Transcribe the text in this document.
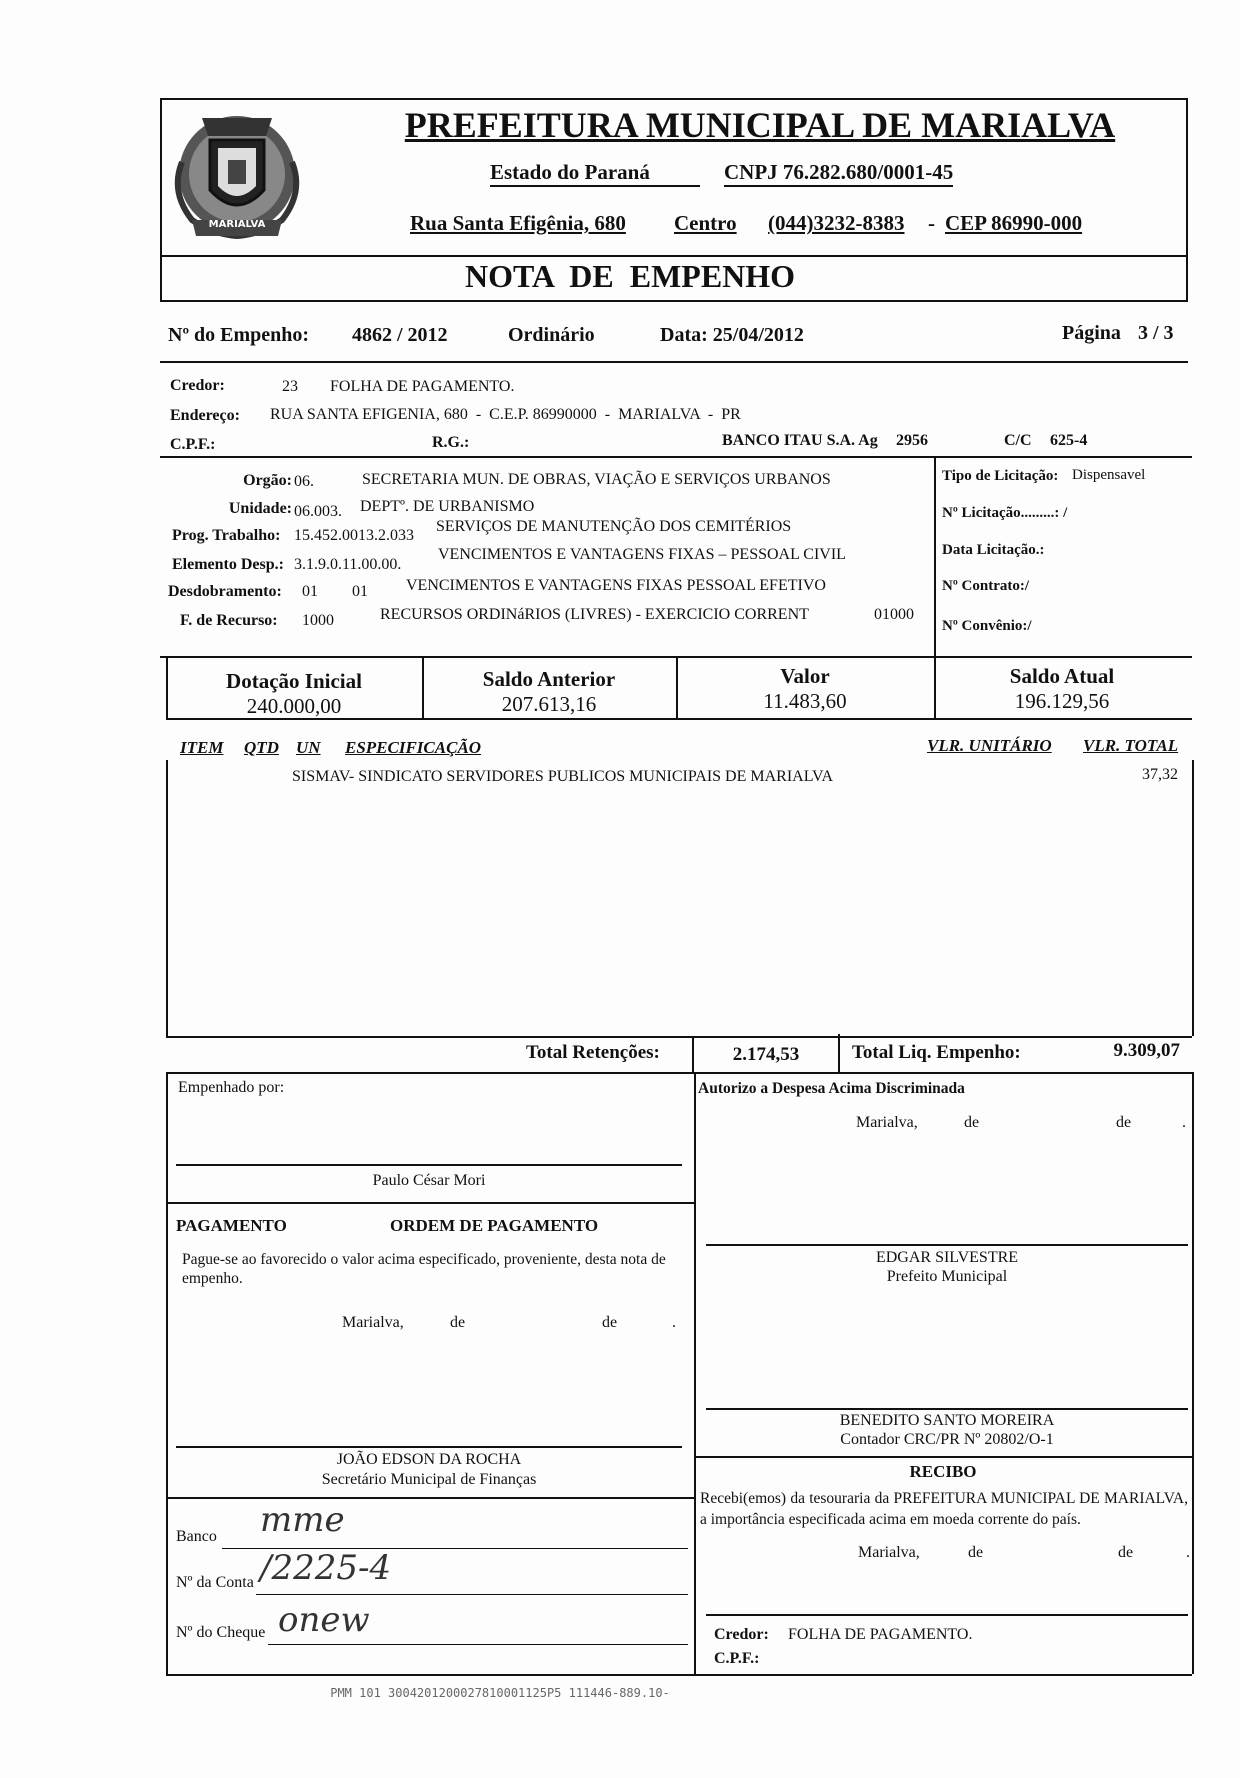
MARIALVA
PREFEITURA MUNICIPAL DE MARIALVA
Estado do Paraná	CNPJ 76.282.680/0001-45
Rua Santa Efigênia, 680 Centro (044)3232-8383 - CEP 86990-000
NOTA  DE  EMPENHO
Nº do Empenho: 4862 / 2012	Ordinário	Data: 25/04/2012	Página 3 / 3
Credor:	23 FOLHA DE PAGAMENTO.
Endereço: RUA SANTA EFIGENIA, 680  -  C.E.P. 86990000  -  MARIALVA  -  PR
C.P.F.:	R.G.:	BANCO ITAU S.A. Ag 2956	C/C 625-4
Orgão: 06.	SECRETARIA MUN. DE OBRAS, VIAÇÃO E SERVIÇOS URBANOS
Unidade: 06.003. DEPTº. DE URBANISMO
Prog. Trabalho: 15.452.0013.2.033
SERVIÇOS DE MANUTENÇÃO DOS CEMITÉRIOS
Elemento Desp.: 3.1.9.0.11.00.00.
VENCIMENTOS E VANTAGENS FIXAS – PESSOAL CIVIL
Desdobramento: 01 01 VENCIMENTOS E VANTAGENS FIXAS PESSOAL EFETIVO
F. de Recurso: 1000	RECURSOS ORDINáRIOS (LIVRES) - EXERCICIO CORRENT	01000
Tipo de Licitação: Dispensavel
Nº Licitação.........: /
Data Licitação.:
Nº Contrato:/
Nº Convênio:/
Dotação Inicial
240.000,00
Saldo Anterior
207.613,16
Valor
11.483,60
Saldo Atual
196.129,56
ITEM QTD UN ESPECIFICAÇÃO	VLR. UNITÁRIO VLR. TOTAL
SISMAV- SINDICATO SERVIDORES PUBLICOS MUNICIPAIS DE MARIALVA	37,32
Total Retenções:	2.174,53	Total Liq. Empenho:	9.309,07
Empenhado por:
Paulo César Mori
PAGAMENTO	ORDEM DE PAGAMENTO
Pague-se ao favorecido o valor acima especificado, proveniente, desta nota de empenho.
Marialva,	de	de	.
JOÃO EDSON DA ROCHA
Secretário Municipal de Finanças
Banco mme
Nº da Conta /2225-4
Nº do Cheque onew
Autorizo a Despesa Acima Discriminada
Marialva,	de	de	.
EDGAR SILVESTRE
Prefeito Municipal
BENEDITO SANTO MOREIRA
Contador CRC/PR Nº 20802/O-1
RECIBO
Recebi(emos) da tesouraria da PREFEITURA MUNICIPAL DE MARIALVA, a importância especificada acima em moeda corrente do país.
Marialva,	de	de	.
Credor: FOLHA DE PAGAMENTO.
C.P.F.:
PMM 101 3004201200027810001125P5 111446-889.10-
